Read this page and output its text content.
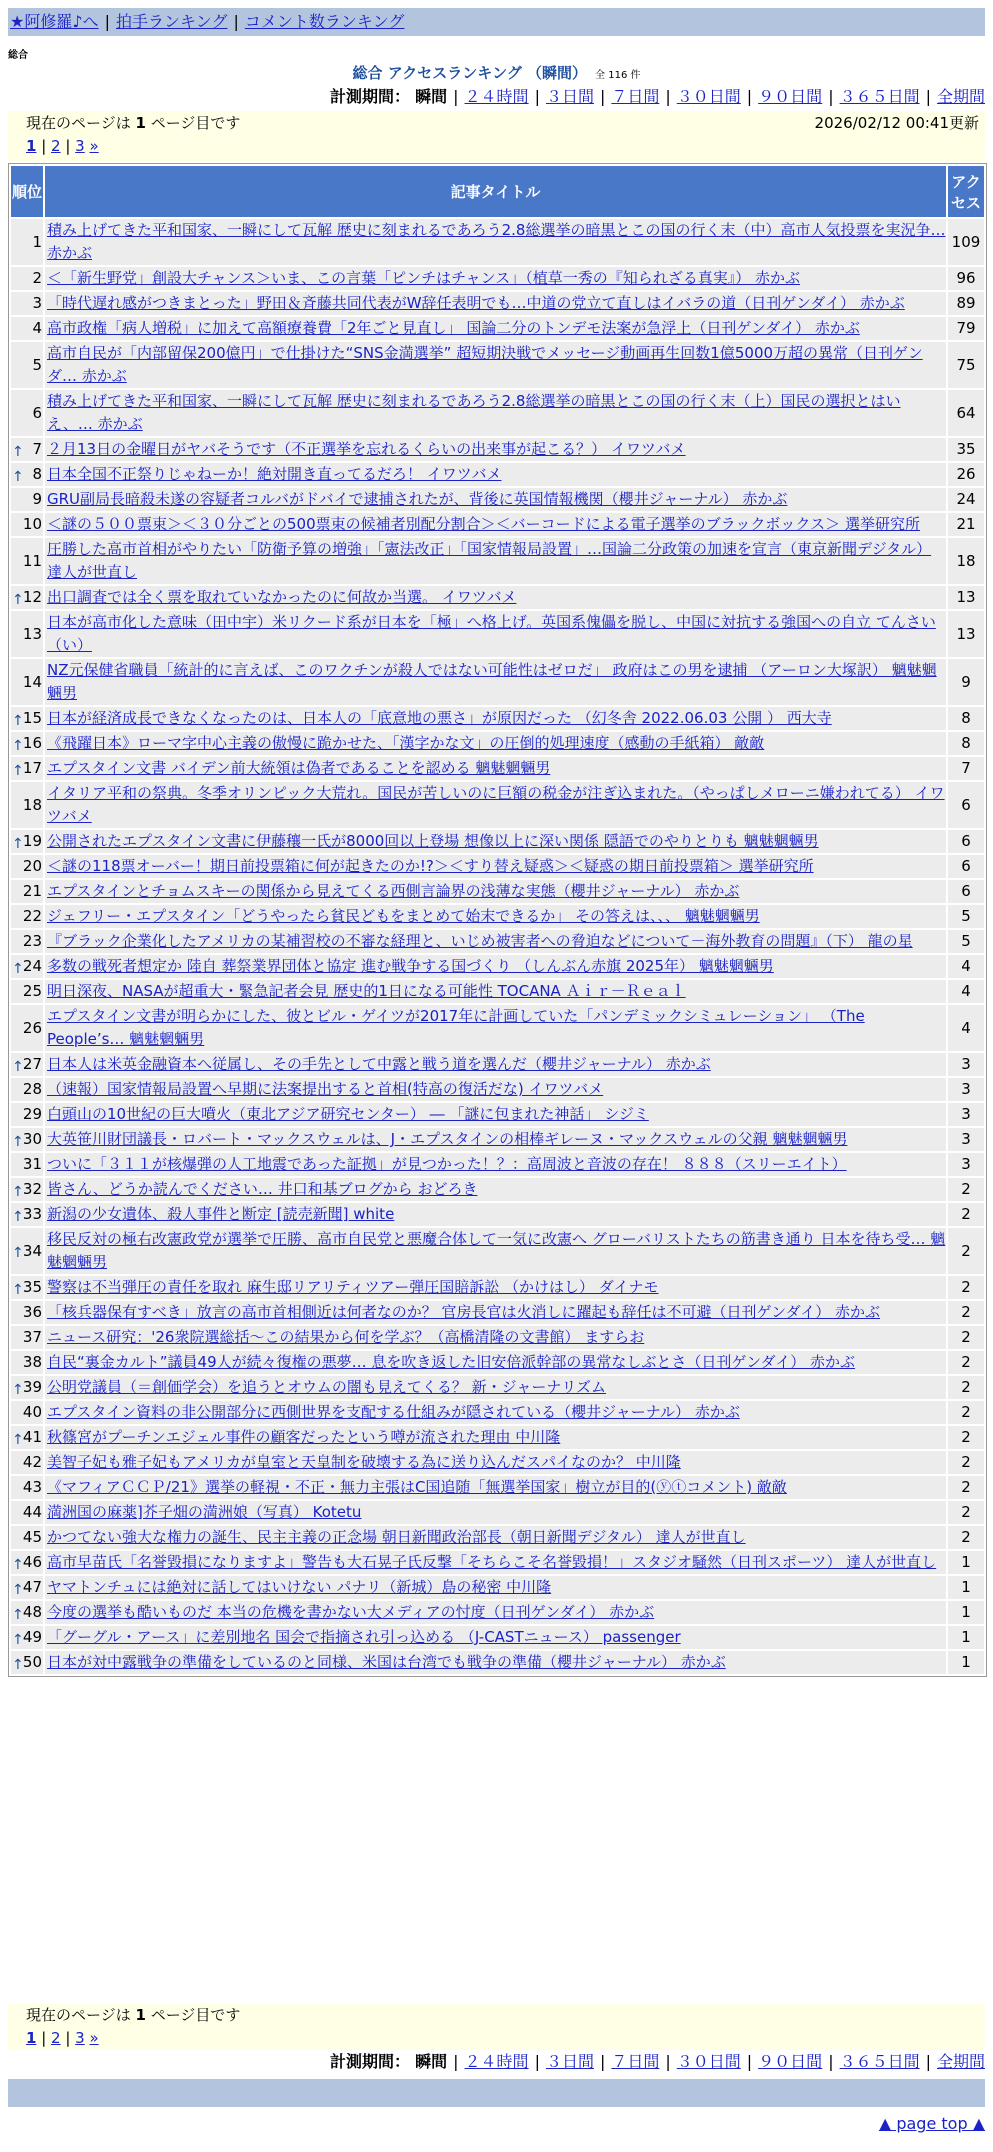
★阿修羅♪へ | 拍手ランキング | コメント数ランキング
総合
総合 アクセスランキング （瞬間） 全 116 件
計測期間： 瞬間 | ２４時間 | ３日間 | ７日間 | ３０日間 | ９０日間 | ３６５日間 | 全期間
現在のページは 1 ページ目です	2026/02/12 00:41更新
1 | 2 | 3 »
順位	記事タイトル	アクセス
1	積み上げてきた平和国家、一瞬にして瓦解 歴史に刻まれるであろう2.8総選挙の暗黒とこの国の行く末（中）高市人気投票を実況争… 赤かぶ	109
2	＜「新生野党」創設大チャンス＞いま、この言葉「ピンチはチャンス」（植草一秀の『知られざる真実』） 赤かぶ	96
3	「時代遅れ感がつきまとった」野田＆斉藤共同代表がW辞任表明でも…中道の党立て直しはイバラの道（日刊ゲンダイ） 赤かぶ	89
4	高市政権「病人増税」に加えて高額療養費「2年ごと見直し」 国論二分のトンデモ法案が急浮上（日刊ゲンダイ） 赤かぶ	79
5	高市自民が「内部留保200億円」で仕掛けた“SNS金満選挙” 超短期決戦でメッセージ動画再生回数1億5000万超の異常（日刊ゲンダ… 赤かぶ	75
6	積み上げてきた平和国家、一瞬にして瓦解 歴史に刻まれるであろう2.8総選挙の暗黒とこの国の行く末（上）国民の選択とはいえ、… 赤かぶ	64

↑ 7	２月13日の金曜日がヤバそうです（不正選挙を忘れるくらいの出来事が起こる？） イワツバメ	35

↑ 8	日本全国不正祭りじゃねーか！絶対開き直ってるだろ！ イワツバメ	26
9	GRU副局長暗殺未遂の容疑者コルバがドバイで逮捕されたが、背後に英国情報機関（櫻井ジャーナル） 赤かぶ	24
10	＜謎の５００票束＞＜３０分ごとの500票束の候補者別配分割合＞＜バーコードによる電子選挙のブラックボックス＞ 選挙研究所	21
11	圧勝した高市首相がやりたい「防衛予算の増強」「憲法改正」「国家情報局設置」…国論二分政策の加速を宣言（東京新聞デジタル） 達人が世直し	18

↑ 12	出口調査では全く票を取れていなかったのに何故か当選。 イワツバメ	13
13	日本が高市化した意味（田中宇）米リクード系が日本を「極」へ格上げ。英国系傀儡を脱し、中国に対抗する強国への自立 てんさい（い）	13
14	NZ元保健省職員「統計的に言えば、このワクチンが殺人ではない可能性はゼロだ」 政府はこの男を逮捕 （アーロン大塚訳） 魑魅魍魎男	9

↑ 15	日本が経済成長できなくなったのは、日本人の「底意地の悪さ」が原因だった （幻冬舎 2022.06.03 公開 ） 西大寺	8

↑ 16	《飛躍日本》ローマ字中心主義の傲慢に跪かせた、「漢字かな文」の圧倒的処理速度（感動の手紙箱） 敵敵	8

↑ 17	エプスタイン文書 バイデン前大統領は偽者であることを認める 魑魅魍魎男	7
18	イタリア平和の祭典。冬季オリンピック大荒れ。国民が苦しいのに巨額の税金が注ぎ込まれた。（やっぱしメローニ嫌われてる） イワツバメ	6

↑ 19	公開されたエプスタイン文書に伊藤穰一氏が8000回以上登場 想像以上に深い関係 隠語でのやりとりも 魑魅魍魎男	6
20	＜謎の118票オーバー！期日前投票箱に何が起きたのか!?＞＜すり替え疑惑＞＜疑惑の期日前投票箱＞ 選挙研究所	6
21	エプスタインとチョムスキーの関係から見えてくる西側言論界の浅薄な実態（櫻井ジャーナル） 赤かぶ	6
22	ジェフリー・エプスタイン「どうやったら貧民どもをまとめて始末できるか」 その答えは、、、 魑魅魍魎男	5
23	『ブラック企業化したアメリカの某補習校の不審な経理と、いじめ被害者への脅迫などについて－海外教育の問題』（下） 龍の星	5

↑ 24	多数の戦死者想定か 陸自 葬祭業界団体と協定 進む戦争する国づくり （しんぶん赤旗 2025年） 魑魅魍魎男	4
25	明日深夜、NASAが超重大・緊急記者会見 歴史的1日になる可能性 TOCANA Ａｉｒ－Ｒｅａｌ	4
26	エプスタイン文書が明らかにした、彼とビル・ゲイツが2017年に計画していた「パンデミックシミュレーション」 （The People’s… 魑魅魍魎男	4

↑ 27	日本人は米英金融資本へ従属し、その手先として中露と戦う道を選んだ（櫻井ジャーナル） 赤かぶ	3
28	（速報）国家情報局設置へ早期に法案提出すると首相(特高の復活だな) イワツバメ	3
29	白頭山の10世紀の巨大噴火（東北アジア研究センター） ― 「謎に包まれた神話」 シジミ	3

↑ 30	大英笹川財団議長・ロバート・マックスウェルは、J・エプスタインの相棒ギレーヌ・マックスウェルの父親 魑魅魍魎男	3
31	ついに「３１１が核爆弾の人工地震であった証拠」が見つかった！？：高周波と音波の存在！ ８８８（スリーエイト）	3

↑ 32	皆さん、どうか読んでください… 井口和基ブログから おどろき	2

↑ 33	新潟の少女遺体、殺人事件と断定 [読売新聞] white	2

↑ 34	移民反対の極右改憲政党が選挙で圧勝、高市自民党と悪魔合体して一気に改憲へ グローバリストたちの筋書き通り 日本を待ち受… 魑魅魍魎男	2

↑ 35	警察は不当弾圧の責任を取れ 麻生邸リアリティツアー弾圧国賠訴訟 （かけはし） ダイナモ	2
36	「核兵器保有すべき」放言の高市首相側近は何者なのか？ 官房長官は火消しに躍起も辞任は不可避（日刊ゲンダイ） 赤かぶ	2
37	ニュース研究：'26衆院選総括〜この結果から何を学ぶ？（高橋清隆の文書館） ますらお	2
38	自民“裏金カルト”議員49人が続々復権の悪夢… 息を吹き返した旧安倍派幹部の異常なしぶとさ（日刊ゲンダイ） 赤かぶ	2

↑ 39	公明党議員（＝創価学会）を追うとオウムの闇も見えてくる？ 新・ジャーナリズム	2
40	エプスタイン資料の非公開部分に西側世界を支配する仕組みが隠されている（櫻井ジャーナル） 赤かぶ	2

↑ 41	秋篠宮がプーチンエジェル事件の顧客だったという噂が流された理由 中川隆	2
42	美智子妃も雅子妃もアメリカが皇室と天皇制を破壊する為に送り込んだスパイなのか？ 中川隆	2
43	《マフィアＣＣＰ/21》選挙の軽視・不正・無力主張はC国追随「無選挙国家」樹立が目的(ⓨⓣコメント) 敵敵	2
44	満洲国の麻薬]芥子畑の満洲娘（写真） Kotetu	2
45	かつてない強大な権力の誕生、民主主義の正念場 朝日新聞政治部長（朝日新聞デジタル） 達人が世直し	2

↑ 46	高市早苗氏「名誉毀損になりますよ」警告も大石晃子氏反撃「そちらこそ名誉毀損！」スタジオ騒然（日刊スポーツ） 達人が世直し	1

↑ 47	ヤマトンチュには絶対に話してはいけない パナリ（新城）島の秘密 中川隆	1

↑ 48	今度の選挙も酷いものだ 本当の危機を書かない大メディアの忖度（日刊ゲンダイ） 赤かぶ	1

↑ 49	「グーグル・アース」に差別地名 国会で指摘され引っ込める （J-CASTニュース） passenger	1

↑ 50	日本が対中露戦争の準備をしているのと同様、米国は台湾でも戦争の準備（櫻井ジャーナル） 赤かぶ	1
現在のページは 1 ページ目です
1 | 2 | 3 »
計測期間： 瞬間 | ２４時間 | ３日間 | ７日間 | ３０日間 | ９０日間 | ３６５日間 | 全期間
▲ page top ▲
